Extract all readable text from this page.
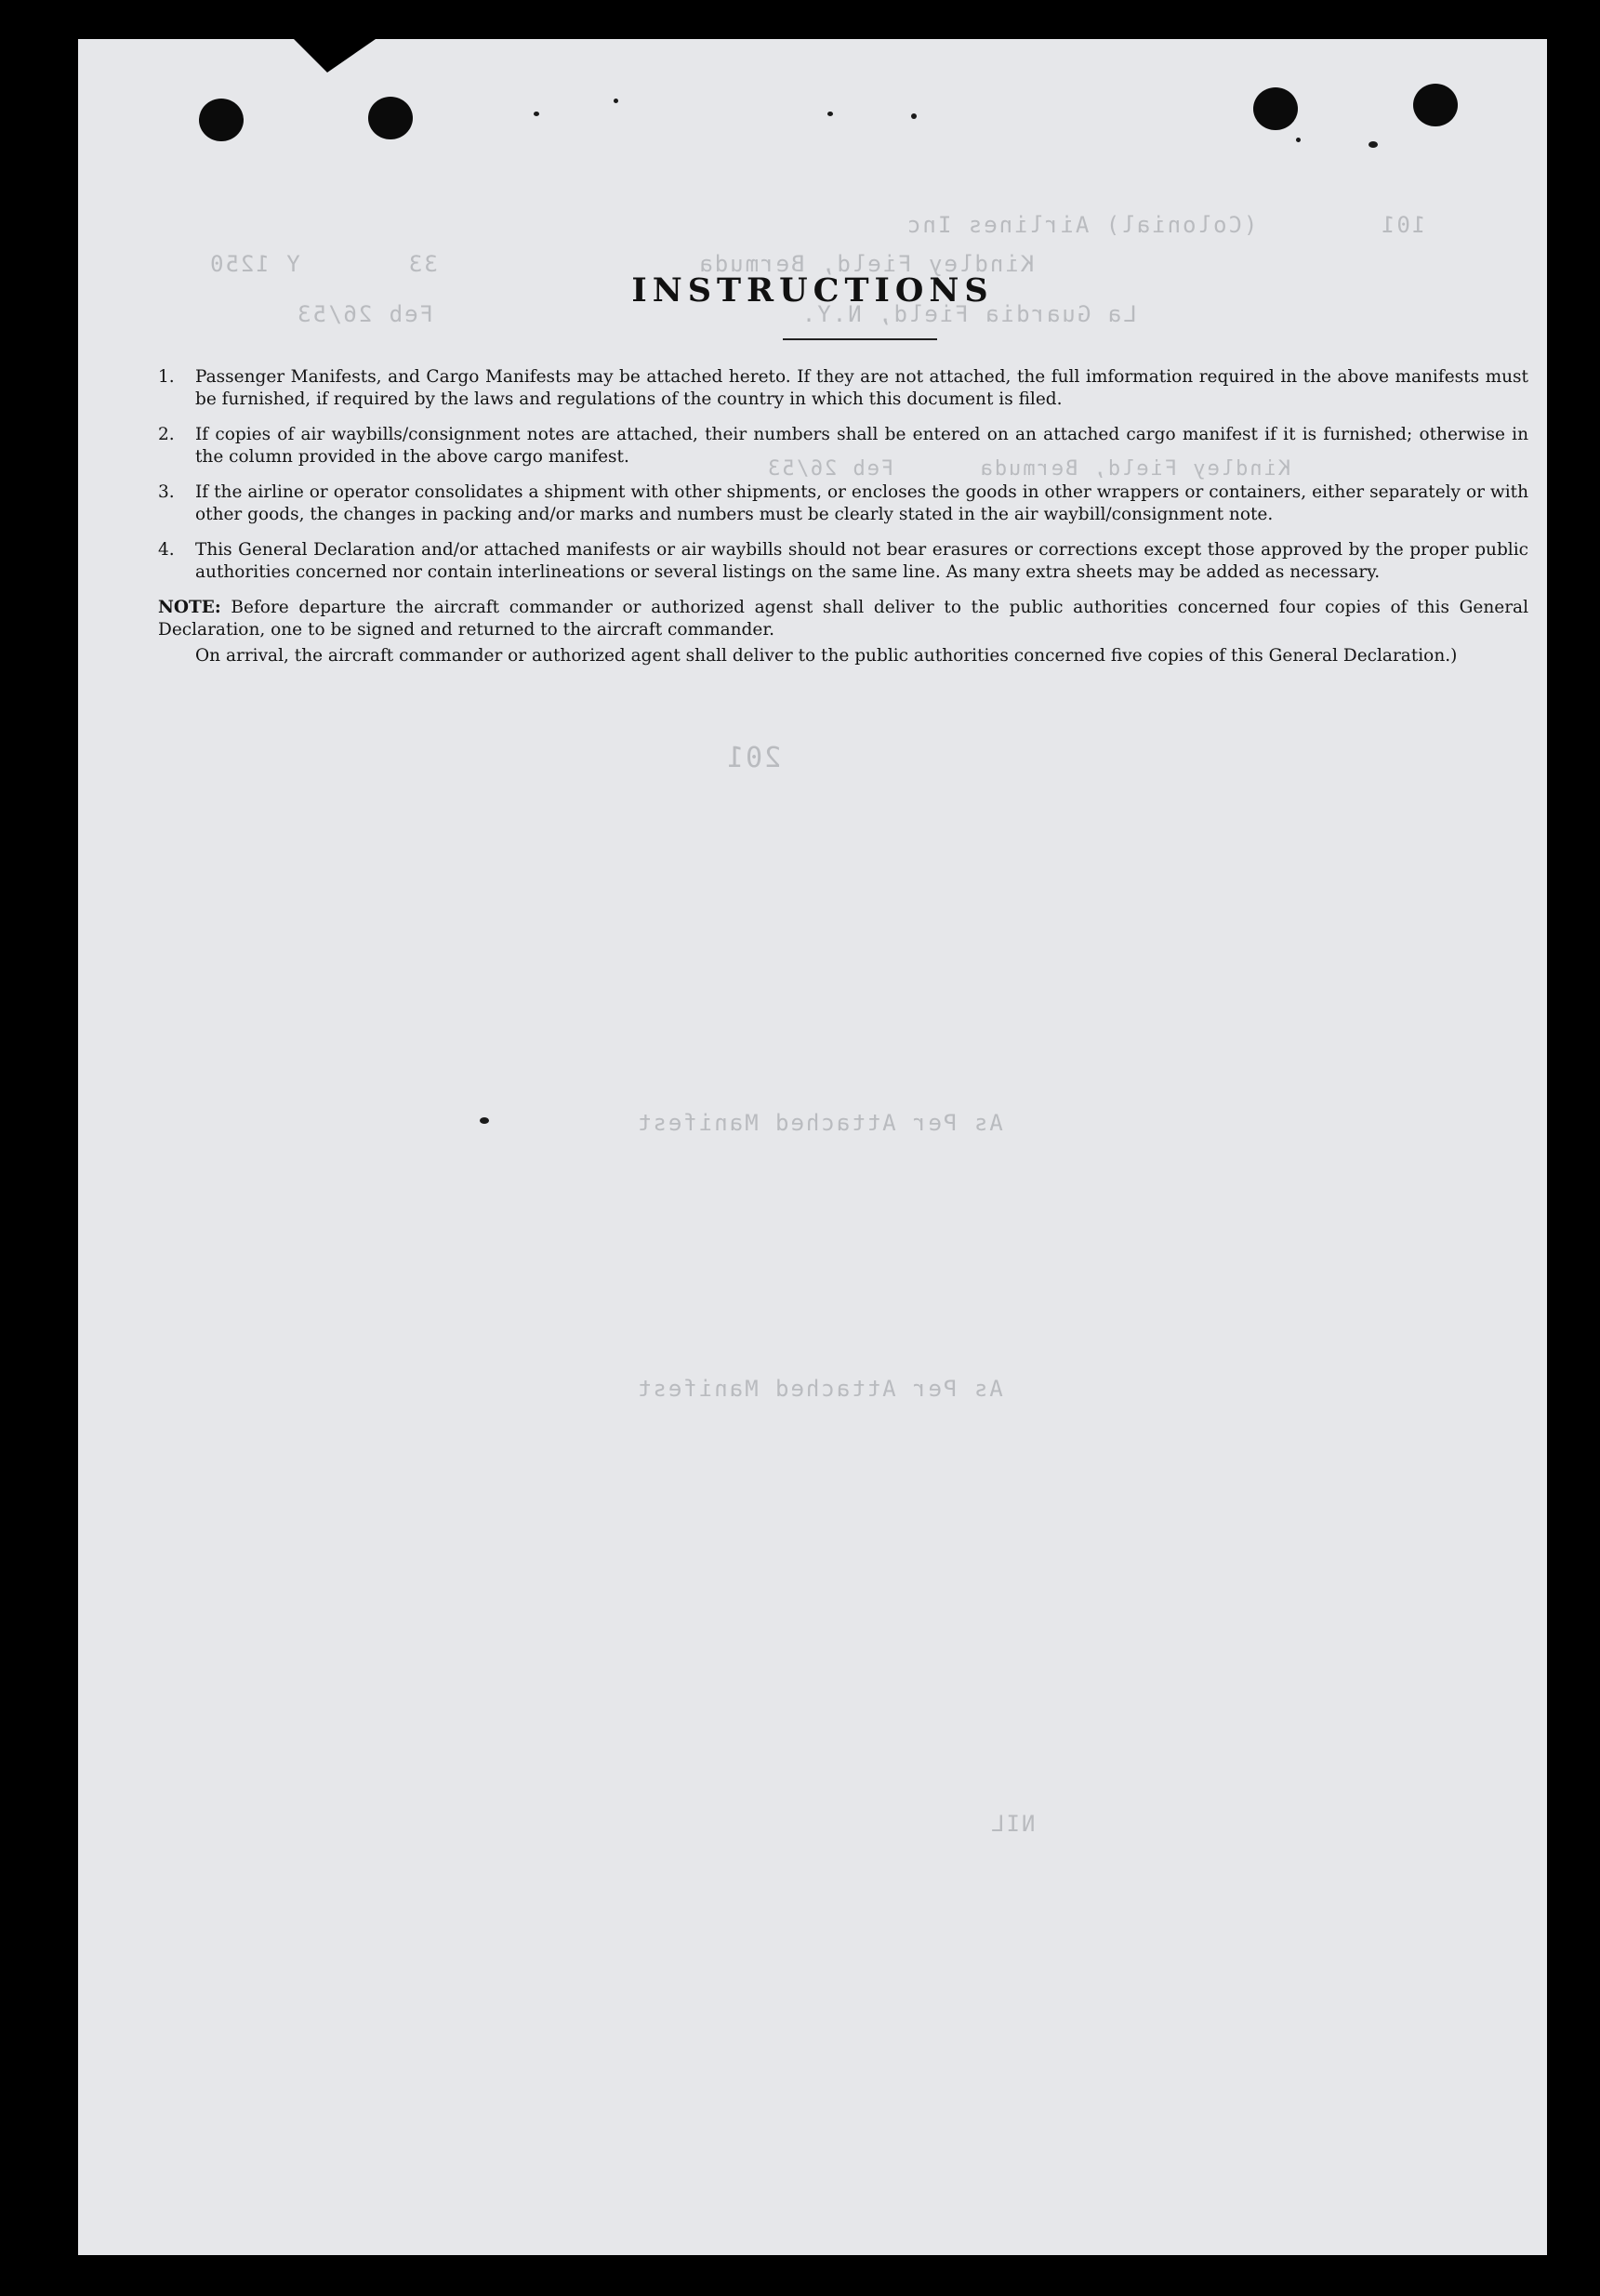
101        (Colonial) Airlines Inc
Kindley Field, Bermuda                 33       Y 1250
La Guardia Field, N.Y.                        Feb 26/53
Kindley Field, Bermuda      Feb 26/53
201
As Per Attached Manifest
As Per Attached Manifest
NIL
INSTRUCTIONS
1.	Passenger Manifests, and Cargo Manifests may be attached hereto. If they are not attached, the full imformation required in the above manifests must be furnished, if required by the laws and regulations of the country in which this document is filed.
2.	If copies of air waybills/consignment notes are attached, their numbers shall be entered on an attached cargo manifest if it is furnished; otherwise in the column provided in the above cargo manifest.
3.	If the airline or operator consolidates a shipment with other shipments, or encloses the goods in other wrappers or containers, either separately or with other goods, the changes in packing and/or marks and numbers must be clearly stated in the air waybill/consignment note.
4.	This General Declaration and/or attached manifests or air waybills should not bear erasures or corrections except those approved by the proper public authorities concerned nor contain interlineations or several listings on the same line. As many extra sheets may be added as necessary.
NOTE: Before departure the aircraft commander or authorized agenst shall deliver to the public authorities concerned four copies of this General Declaration, one to be signed and returned to the aircraft commander.
On arrival, the aircraft commander or authorized agent shall deliver to the public authorities concerned five copies of this General Declaration.)
